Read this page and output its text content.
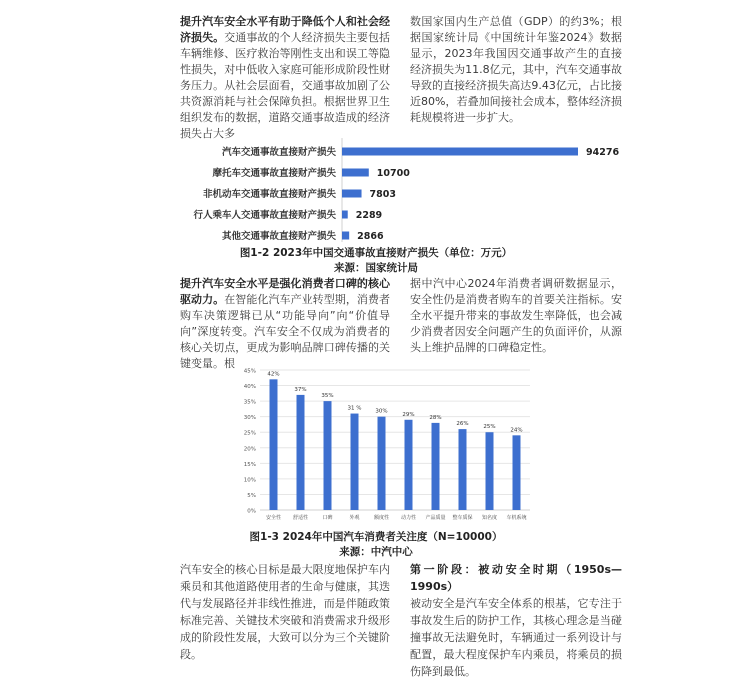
提升汽车安全水平有助于降低个人和社会经济损失。交通事故的个人经济损失主要包括车辆维修、医疗救治等刚性支出和误工等隐性损失，对中低收入家庭可能形成阶段性财务压力。从社会层面看，交通事故加剧了公共资源消耗与社会保障负担。根据世界卫生组织发布的数据，道路交通事故造成的经济损失占大多
数国家国内生产总值（GDP）的约3%；根据国家统计局《中国统计年鉴2024》数据显示，2023年我国因交通事故产生的直接经济损失为11.8亿元，其中，汽车交通事故导致的直接经济损失高达9.43亿元，占比接近80%，若叠加间接社会成本，整体经济损耗规模将进一步扩大。
汽车交通事故直接财产损失	94276
摩托车交通事故直接财产损失	10700
非机动车交通事故直接财产损失	7803
行人乘车人交通事故直接财产损失 2289
其他交通事故直接财产损失 2866
图1-2 2023年中国交通事故直接财产损失（单位：万元）
来源：国家统计局
提升汽车安全水平是强化消费者口碑的核心驱动力。在智能化汽车产业转型期，消费者购车决策逻辑已从“功能导向”向“价值导向”深度转变。汽车安全不仅成为消费者的核心关切点，更成为影响品牌口碑传播的关键变量。根
据中汽中心2024年消费者调研数据显示，安全性仍是消费者购车的首要关注指标。安全水平提升带来的事故发生率降低，也会减少消费者因安全问题产生的负面评价，从源头上维护品牌的口碑稳定性。
0%
5%
10%
15%
20%
25%
30%
35%
40%
45% 42%
安全性
37%
舒适性
35%
口碑
31 %
外观
30%
额度性
29%
动力性
28%
产品质量
26%
整车质保
25%
知名度
24%
车机系统
图1-3 2024年中国汽车消费者关注度（N=10000）
来源：中汽中心
汽车安全的核心目标是最大限度地保护车内乘员和其他道路使用者的生命与健康，其迭代与发展路径并非线性推进，而是伴随政策标准完善、关键技术突破和消费需求升级形成的阶段性发展，大致可以分为三个关键阶段。
第一阶段：被动安全时期（1950s—1990s）
被动安全是汽车安全体系的根基，它专注于事故发生后的防护工作，其核心理念是当碰撞事故无法避免时，车辆通过一系列设计与配置，最大程度保护车内乘员，将乘员的损伤降到最低。
